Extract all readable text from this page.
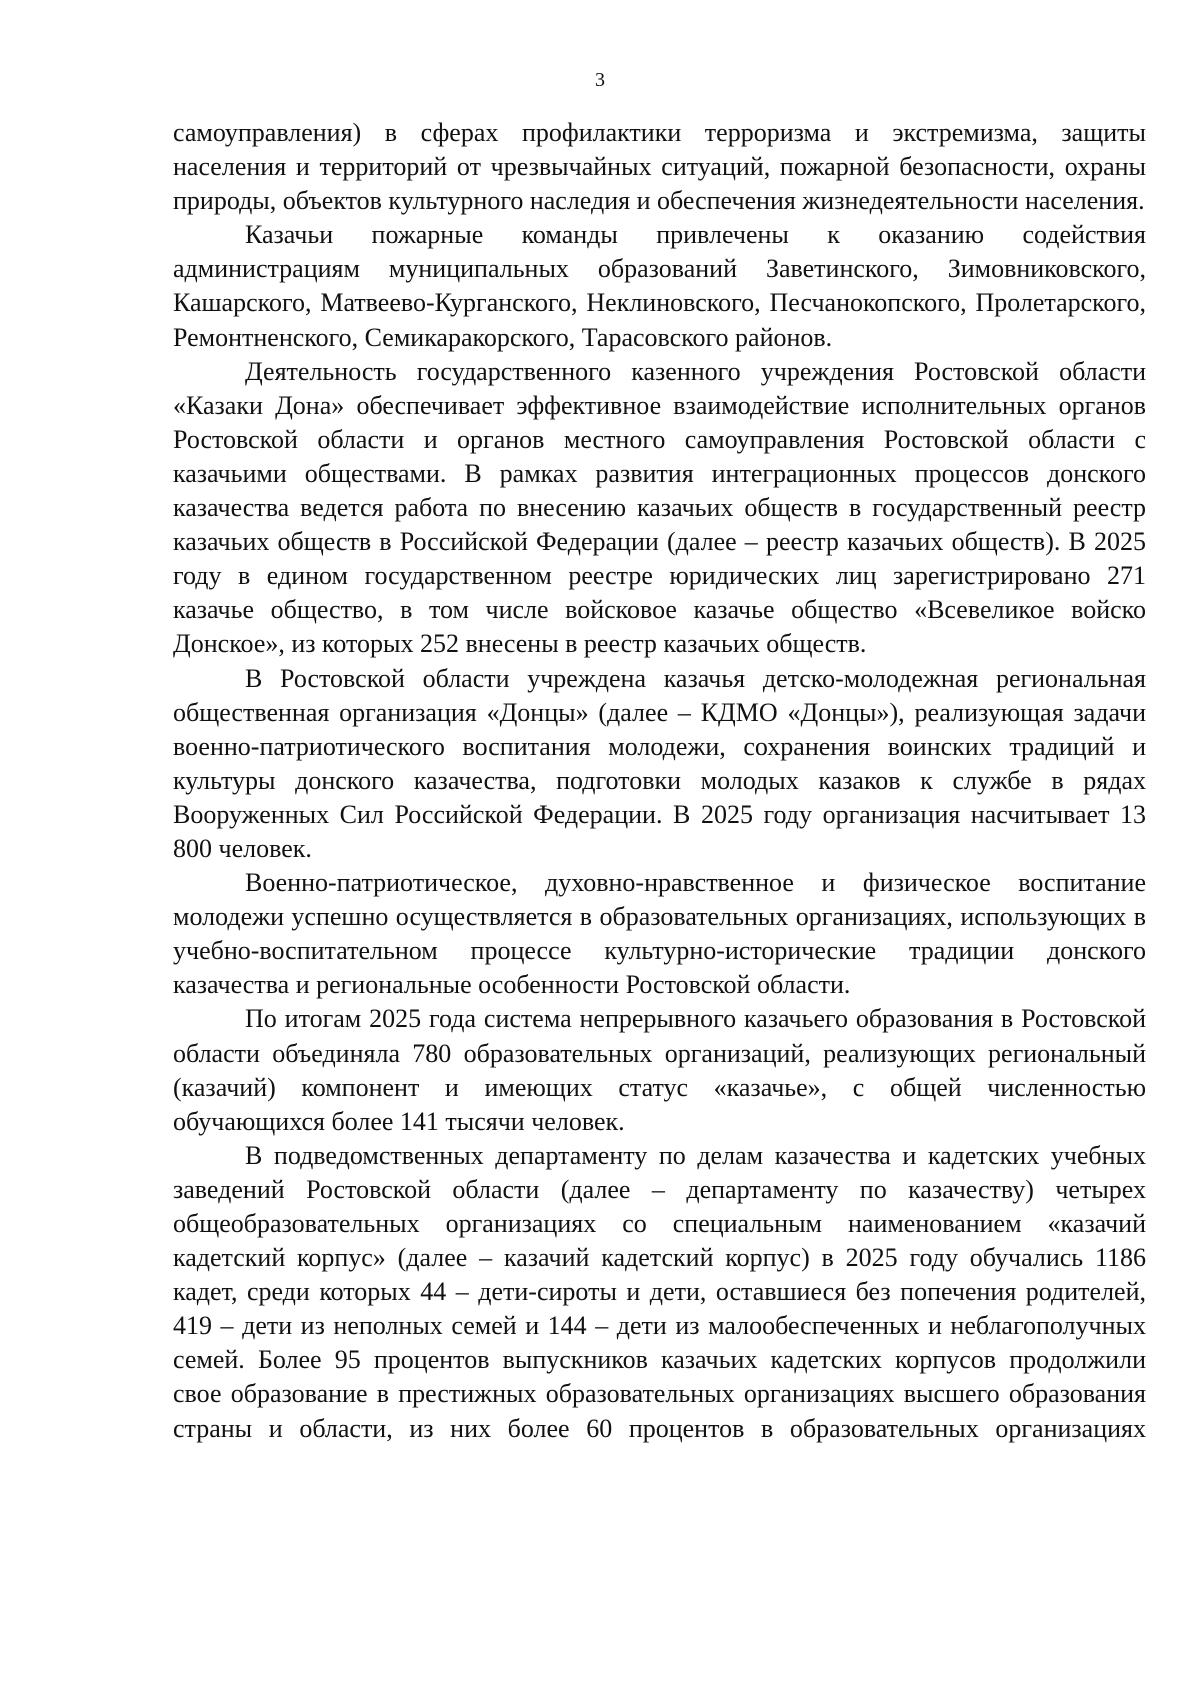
3

самоуправления) в сферах профилактики терроризма и экстремизма, защиты населения и территорий от чрезвычайных ситуаций, пожарной безопасности, охраны природы, объектов культурного наследия и обеспечения жизнедеятельности населения.

Казачьи пожарные команды привлечены к оказанию содействия администрациям муниципальных образований Заветинского, Зимовниковского, Кашарского, Матвеево-Курганского, Неклиновского, Песчанокопского, Пролетарского, Ремонтненского, Семикаракорского, Тарасовского районов.

Деятельность государственного казенного учреждения Ростовской области «Казаки Дона» обеспечивает эффективное взаимодействие исполнительных органов Ростовской области и органов местного самоуправления Ростовской области с казачьими обществами. В рамках развития интеграционных процессов донского казачества ведется работа по внесению казачьих обществ в государственный реестр казачьих обществ в Российской Федерации (далее – реестр казачьих обществ). В 2025 году в едином государственном реестре юридических лиц зарегистрировано 271 казачье общество, в том числе войсковое казачье общество «Всевеликое войско Донское», из которых 252 внесены в реестр казачьих обществ.

В Ростовской области учреждена казачья детско-молодежная региональная общественная организация «Донцы» (далее – КДМО «Донцы»), реализующая задачи военно-патриотического воспитания молодежи, сохранения воинских традиций и культуры донского казачества, подготовки молодых казаков к службе в рядах Вооруженных Сил Российской Федерации. В 2025 году организация насчитывает 13 800 человек.

Военно-патриотическое, духовно-нравственное и физическое воспитание молодежи успешно осуществляется в образовательных организациях, использующих в учебно-воспитательном процессе культурно-исторические традиции донского казачества и региональные особенности Ростовской области.

По итогам 2025 года система непрерывного казачьего образования в Ростовской области объединяла 780 образовательных организаций, реализующих региональный (казачий) компонент и имеющих статус «казачье», с общей численностью обучающихся более 141 тысячи человек.

В подведомственных департаменту по делам казачества и кадетских учебных заведений Ростовской области (далее – департаменту по казачеству) четырех общеобразовательных организациях со специальным наименованием «казачий кадетский корпус» (далее – казачий кадетский корпус) в 2025 году обучались 1186 кадет, среди которых 44 – дети-сироты и дети, оставшиеся без попечения родителей, 419 – дети из неполных семей и 144 – дети из малообеспеченных и неблагополучных семей. Более 95 процентов выпускников казачьих кадетских корпусов продолжили свое образование в престижных образовательных организациях высшего образования страны и области, из них более 60 процентов в образовательных организациях
